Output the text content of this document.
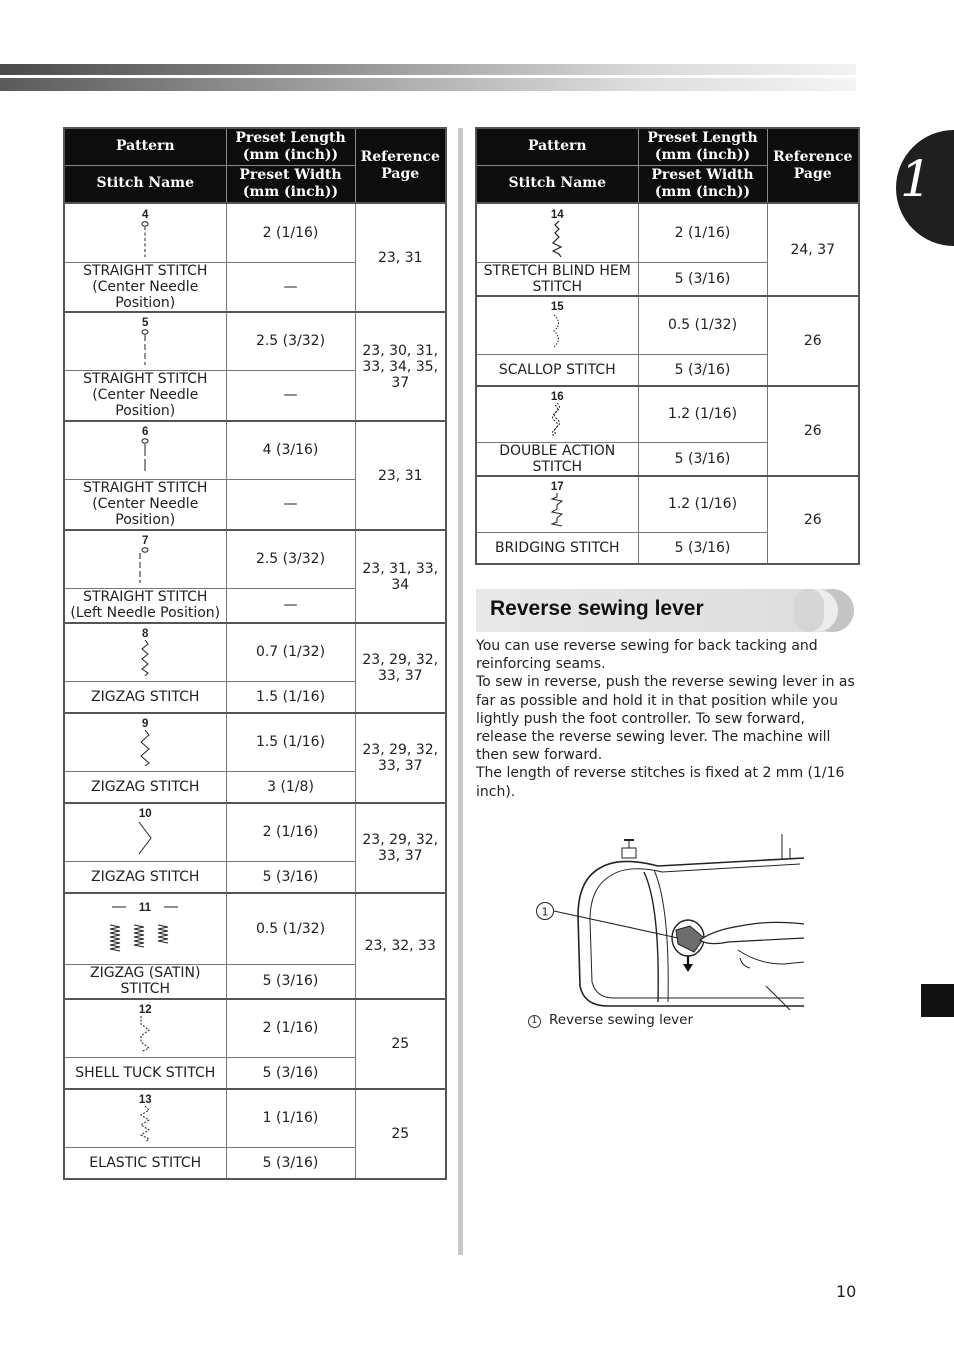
1
Pattern	Preset Length (mm (inch))	Reference Page
Stitch Name	Preset Width (mm (inch))	

4	2 (1/16)	23, 31
STRAIGHT STITCH (Center Needle Position)	—	

5	2.5 (3/32)	23, 30, 31, 33, 34, 35, 37
STRAIGHT STITCH (Center Needle Position)	—	

6	4 (3/16)	23, 31
STRAIGHT STITCH (Center Needle Position)	—	

7	2.5 (3/32)	23, 31, 33, 34
STRAIGHT STITCH (Left Needle Position)	—	

8	0.7 (1/32)	23, 29, 32, 33, 37
ZIGZAG STITCH	1.5 (1/16)	

9	1.5 (1/16)	23, 29, 32, 33, 37
ZIGZAG STITCH	3 (1/8)	

10	2 (1/16)	23, 29, 32, 33, 37
ZIGZAG STITCH	5 (3/16)	

11	0.5 (1/32)	23, 32, 33
ZIGZAG (SATIN) STITCH	5 (3/16)	

12	2 (1/16)	25
SHELL TUCK STITCH	5 (3/16)	

13	1 (1/16)	25
ELASTIC STITCH	5 (3/16)	
Pattern	Preset Length (mm (inch))	Reference Page
Stitch Name	Preset Width (mm (inch))	

14	2 (1/16)	24, 37
STRETCH BLIND HEM STITCH	5 (3/16)	

15	0.5 (1/32)	26
SCALLOP STITCH	5 (3/16)	

16	1.2 (1/16)	26
DOUBLE ACTION STITCH	5 (3/16)	

17	1.2 (1/16)	26
BRIDGING STITCH	5 (3/16)	
Reverse sewing lever

You can use reverse sewing for back tacking and reinforcing seams.

To sew in reverse, push the reverse sewing lever in as far as possible and hold it in that position while you lightly push the foot controller. To sew forward, release the reverse sewing lever. The machine will then sew forward.

The length of reverse stitches is fixed at 2 mm (1/16 inch).

1
1 Reverse sewing lever
10
